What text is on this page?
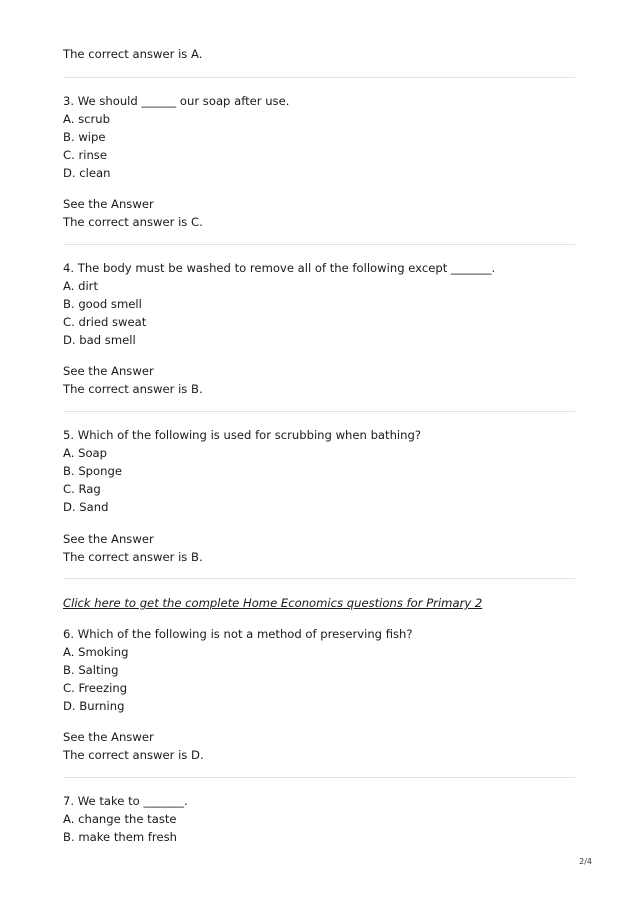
The correct answer is A.
3. We should ______ our soap after use.
A. scrub
B. wipe
C. rinse
D. clean
See the Answer
The correct answer is C.
4. The body must be washed to remove all of the following except _______.
A. dirt
B. good smell
C. dried sweat
D. bad smell
See the Answer
The correct answer is B.
5. Which of the following is used for scrubbing when bathing?
A. Soap
B. Sponge
C. Rag
D. Sand
See the Answer
The correct answer is B.
Click here to get the complete Home Economics questions for Primary 2
6. Which of the following is not a method of preserving fish?
A. Smoking
B. Salting
C. Freezing
D. Burning
See the Answer
The correct answer is D.
7. We take to _______.
A. change the taste
B. make them fresh
2/4
